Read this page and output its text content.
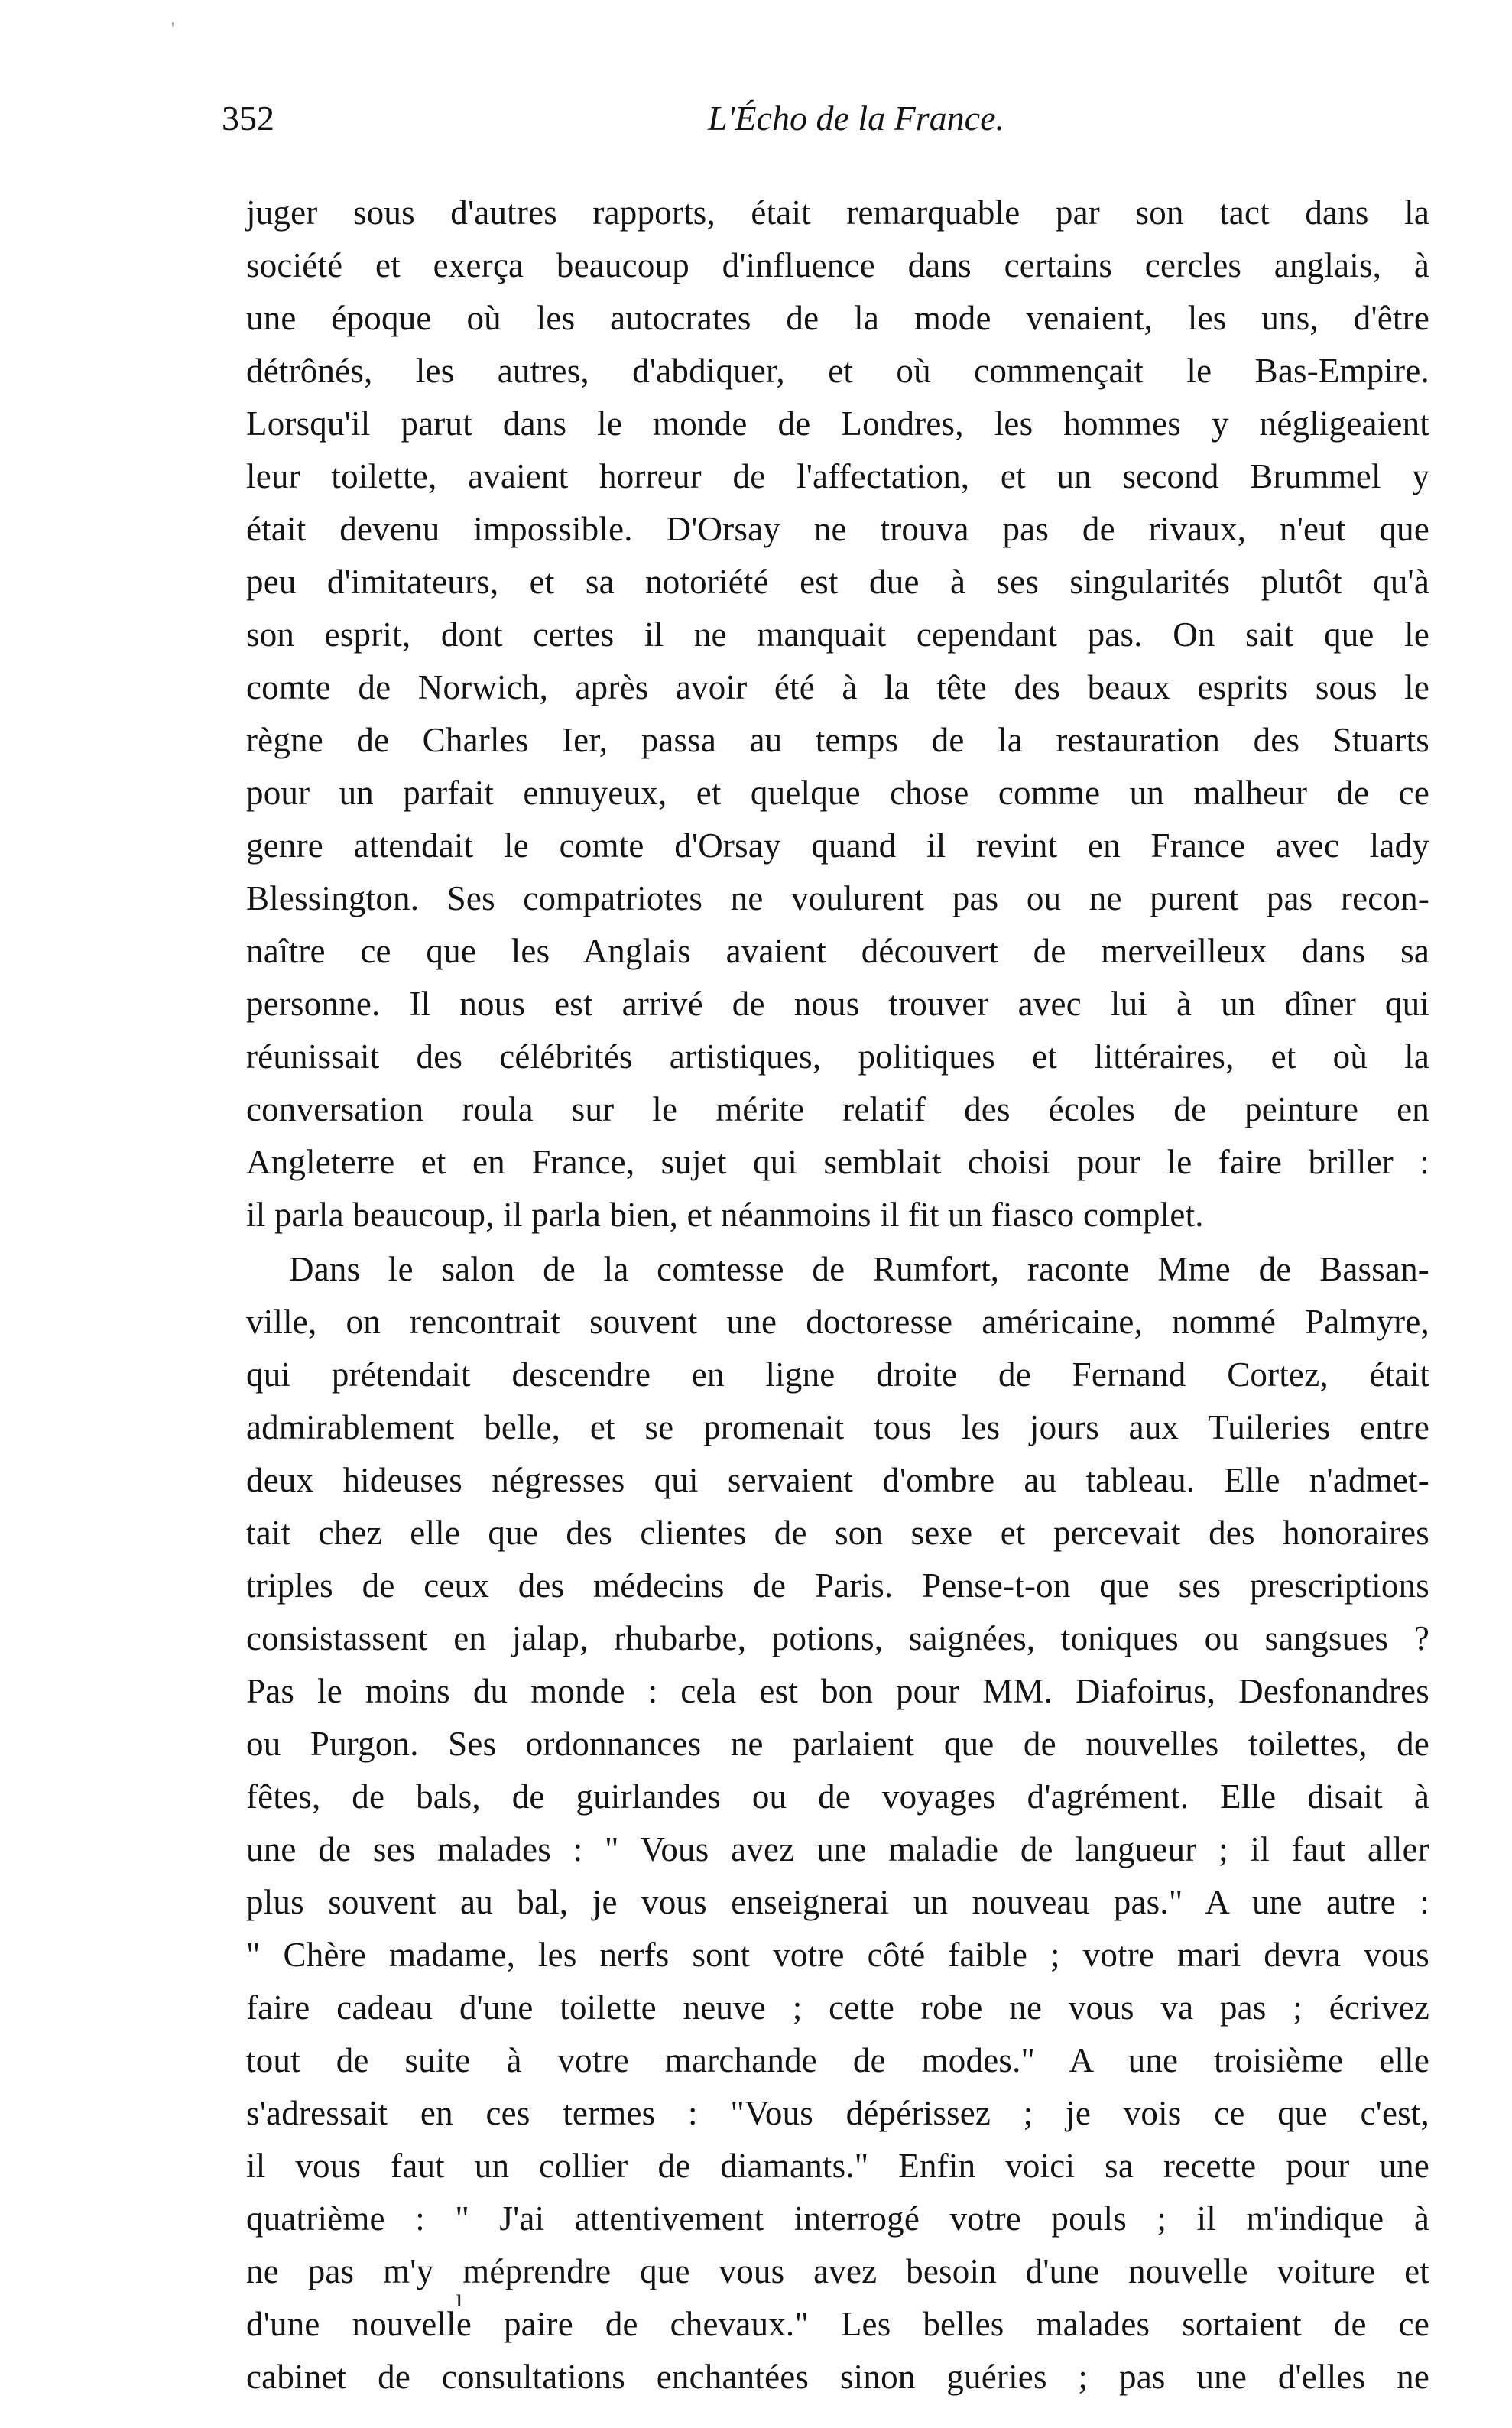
'
352	L'Écho de la France.
juger sous d'autres rapports, était remarquable par son tact dans la
société et exerça beaucoup d'influence dans certains cercles anglais, à
une époque où les autocrates de la mode venaient, les uns, d'être
détrônés, les autres, d'abdiquer, et où commençait le Bas-Empire.
Lorsqu'il parut dans le monde de Londres, les hommes y négligeaient
leur toilette, avaient horreur de l'affectation, et un second Brummel y
était devenu impossible. D'Orsay ne trouva pas de rivaux, n'eut que
peu d'imitateurs, et sa notoriété est due à ses singularités plutôt qu'à
son esprit, dont certes il ne manquait cependant pas. On sait que le
comte de Norwich, après avoir été à la tête des beaux esprits sous le
règne de Charles Ier, passa au temps de la restauration des Stuarts
pour un parfait ennuyeux, et quelque chose comme un malheur de ce
genre attendait le comte d'Orsay quand il revint en France avec lady
Blessington. Ses compatriotes ne voulurent pas ou ne purent pas recon-
naître ce que les Anglais avaient découvert de merveilleux dans sa
personne. Il nous est arrivé de nous trouver avec lui à un dîner qui
réunissait des célébrités artistiques, politiques et littéraires, et où la
conversation roula sur le mérite relatif des écoles de peinture en
Angleterre et en France, sujet qui semblait choisi pour le faire briller :
il parla beaucoup, il parla bien, et néanmoins il fit un fiasco complet.
Dans le salon de la comtesse de Rumfort, raconte Mme de Bassan-
ville, on rencontrait souvent une doctoresse américaine, nommé Palmyre,
qui prétendait descendre en ligne droite de Fernand Cortez, était
admirablement belle, et se promenait tous les jours aux Tuileries entre
deux hideuses négresses qui servaient d'ombre au tableau. Elle n'admet-
tait chez elle que des clientes de son sexe et percevait des honoraires
triples de ceux des médecins de Paris. Pense-t-on que ses prescriptions
consistassent en jalap, rhubarbe, potions, saignées, toniques ou sangsues ?
Pas le moins du monde : cela est bon pour MM. Diafoirus, Desfonandres
ou Purgon. Ses ordonnances ne parlaient que de nouvelles toilettes, de
fêtes, de bals, de guirlandes ou de voyages d'agrément. Elle disait à
une de ses malades : " Vous avez une maladie de langueur ; il faut aller
plus souvent au bal, je vous enseignerai un nouveau pas." A une autre :
" Chère madame, les nerfs sont votre côté faible ; votre mari devra vous
faire cadeau d'une toilette neuve ; cette robe ne vous va pas ; écrivez
tout de suite à votre marchande de modes." A une troisième elle
s'adressait en ces termes : "Vous dépérissez ; je vois ce que c'est,
il vous faut un collier de diamants." Enfin voici sa recette pour une
quatrième : " J'ai attentivement interrogé votre pouls ; il m'indique à
ne pas m'y méprendre que vous avez besoin d'une nouvelle voiture et
d'une nouvelle paire de chevaux." Les belles malades sortaient de ce
cabinet de consultations enchantées sinon guéries ; pas une d'elles ne
ı
